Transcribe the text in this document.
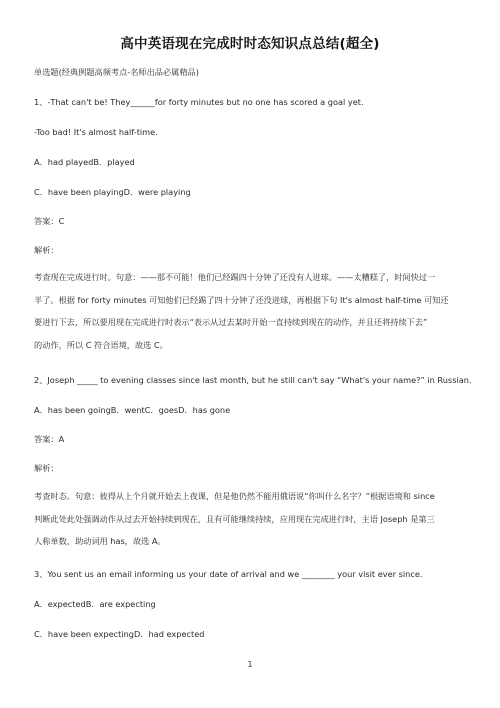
高中英语现在完成时时态知识点总结(超全)
单选题(经典例题高频考点-名师出品必属精品)
1、-That can't be! They______for forty minutes but no one has scored a goal yet.
-Too bad! It's almost half-time.
A．had playedB．played
C．have been playingD．were playing
答案：C
解析：
考查现在完成进行时。句意：——那不可能！他们已经踢四十分钟了还没有人进球。——太糟糕了，时间快过一
半了。根据 for forty minutes 可知他们已经踢了四十分钟了还没进球，再根据下句 It's almost half-time 可知还
要进行下去，所以要用现在完成进行时表示“表示从过去某时开始一直持续到现在的动作，并且还将持续下去”
的动作，所以 C 符合语境，故选 C。
2、Joseph _____ to evening classes since last month, but he still can't say “What's your name?” in Russian.
A．has been goingB．wentC．goesD．has gone
答案：A
解析：
考查时态。句意：彼得从上个月就开始去上夜课，但是他仍然不能用俄语说“你叫什么名字？”根据语境和 since
判断此处此处强调动作从过去开始持续到现在，且有可能继续持续，应用现在完成进行时，主语 Joseph 是第三
人称单数，助动词用 has，故选 A。
3、You sent us an email informing us your date of arrival and we ________ your visit ever since.
A．expectedB．are expecting
C．have been expectingD．had expected
1
